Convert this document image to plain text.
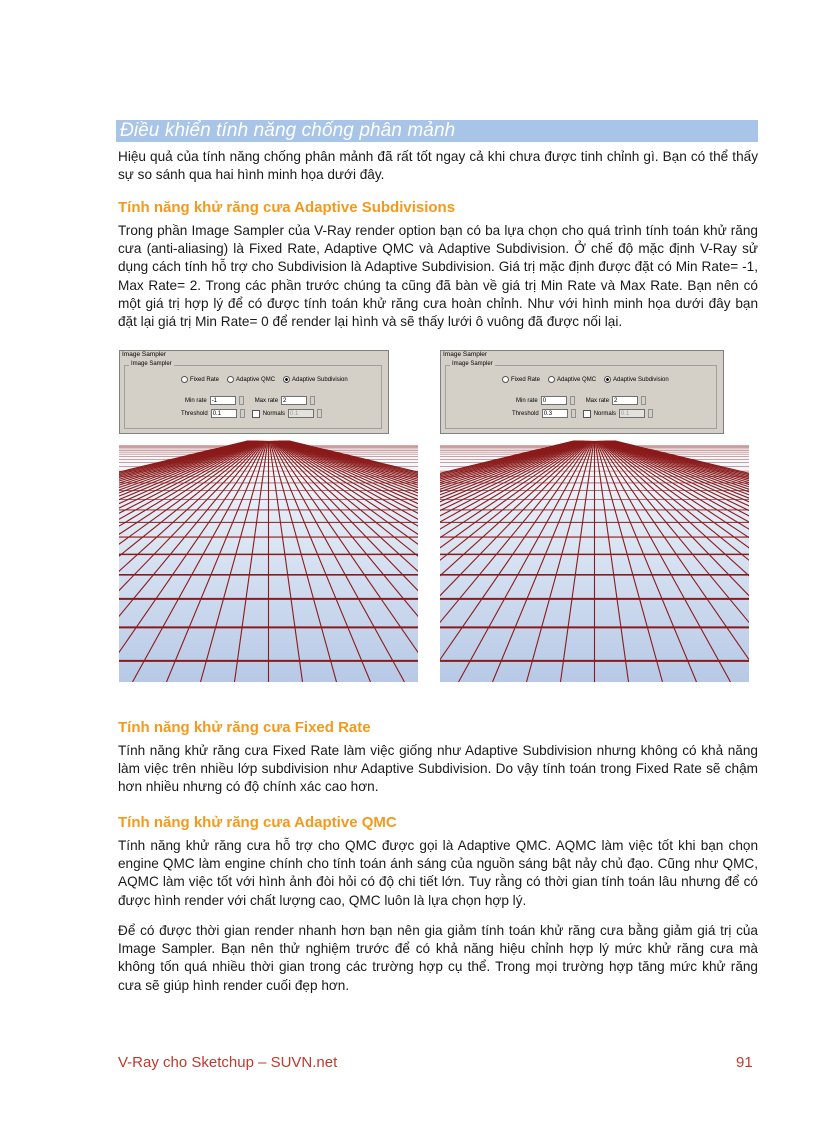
Điều khiển tính năng chống phân mảnh

Hiệu quả của tính năng chống phân mảnh đã rất tốt ngay cả khi chưa được tinh chỉnh gì. Bạn có thể thấy sự so sánh qua hai hình minh họa dưới đây.

Tính năng khử răng cưa Adaptive Subdivisions

Trong phần Image Sampler của V-Ray render option bạn có ba lựa chọn cho quá trình tính toán khử răng cưa (anti-aliasing) là Fixed Rate, Adaptive QMC và Adaptive Subdivision. Ở chế độ mặc định V-Ray sử dụng cách tính hỗ trợ cho Subdivision là Adaptive Subdivision. Giá trị mặc định được đặt có Min Rate= -1, Max Rate= 2. Trong các phần trước chúng ta cũng đã bàn về giá trị Min Rate và Max Rate. Bạn nên có một giá trị hợp lý để có được tính toán khử răng cưa hoàn chỉnh. Như với hình minh họa dưới đây bạn đặt lại giá trị Min Rate= 0 để render lại hình và sẽ thấy lưới ô vuông đã được nối lại.

Image Sampler
Image Sampler
Fixed Rate	Adaptive QMC	Adaptive Subdivision
Min rate -1	Max rate 2
Threshold 0.1	Normals 0.1
Image Sampler
Image Sampler
Fixed Rate	Adaptive QMC	Adaptive Subdivision
Min rate 0	Max rate 2
Threshold 0.3	Normals 0.1
Tính năng khử răng cưa Fixed Rate

Tính năng khử răng cưa Fixed Rate làm việc giống như Adaptive Subdivision nhưng không có khả năng làm việc trên nhiều lớp subdivision như Adaptive Subdivision. Do vậy tính toán trong Fixed Rate sẽ chậm hơn nhiều nhưng có độ chính xác cao hơn.

Tính năng khử răng cưa Adaptive QMC

Tính năng khử răng cưa hỗ trợ cho QMC được gọi là Adaptive QMC. AQMC làm việc tốt khi bạn chọn engine QMC làm engine chính cho tính toán ánh sáng của nguồn sáng bật nảy chủ đạo. Cũng như QMC, AQMC làm việc tốt với hình ảnh đòi hỏi có độ chi tiết lớn. Tuy rằng có thời gian tính toán lâu nhưng để có được hình render với chất lượng cao, QMC luôn là lựa chọn hợp lý.

Để có được thời gian render nhanh hơn bạn nên gia giảm tính toán khử răng cưa bằng giảm giá trị của Image Sampler. Bạn nên thử nghiệm trước để có khả năng hiệu chỉnh hợp lý mức khử răng cưa mà không tốn quá nhiều thời gian trong các trường hợp cụ thể. Trong mọi trường hợp tăng mức khử răng cưa sẽ giúp hình render cuối đẹp hơn.

V-Ray cho Sketchup – SUVN.net	91
